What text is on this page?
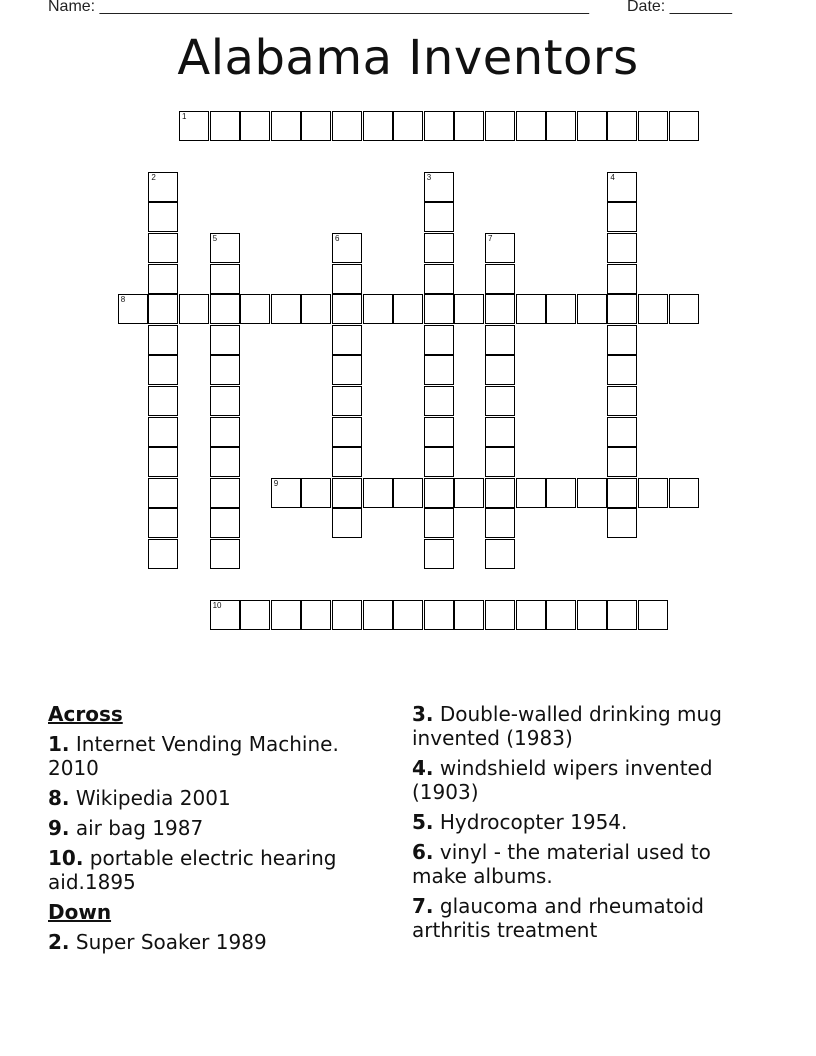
Name: _______________________________________________________ Date: _______
Alabama Inventors
1
2	3	4
5	6	7
8
9
10
Across
1. Internet Vending Machine. 2010
8. Wikipedia 2001
9. air bag 1987
10. portable electric hearing aid.1895
Down
2. Super Soaker 1989
3. Double-walled drinking mug invented (1983)
4. windshield wipers invented (1903)
5. Hydrocopter 1954.
6. vinyl - the material used to make albums.
7. glaucoma and rheumatoid arthritis treatment
